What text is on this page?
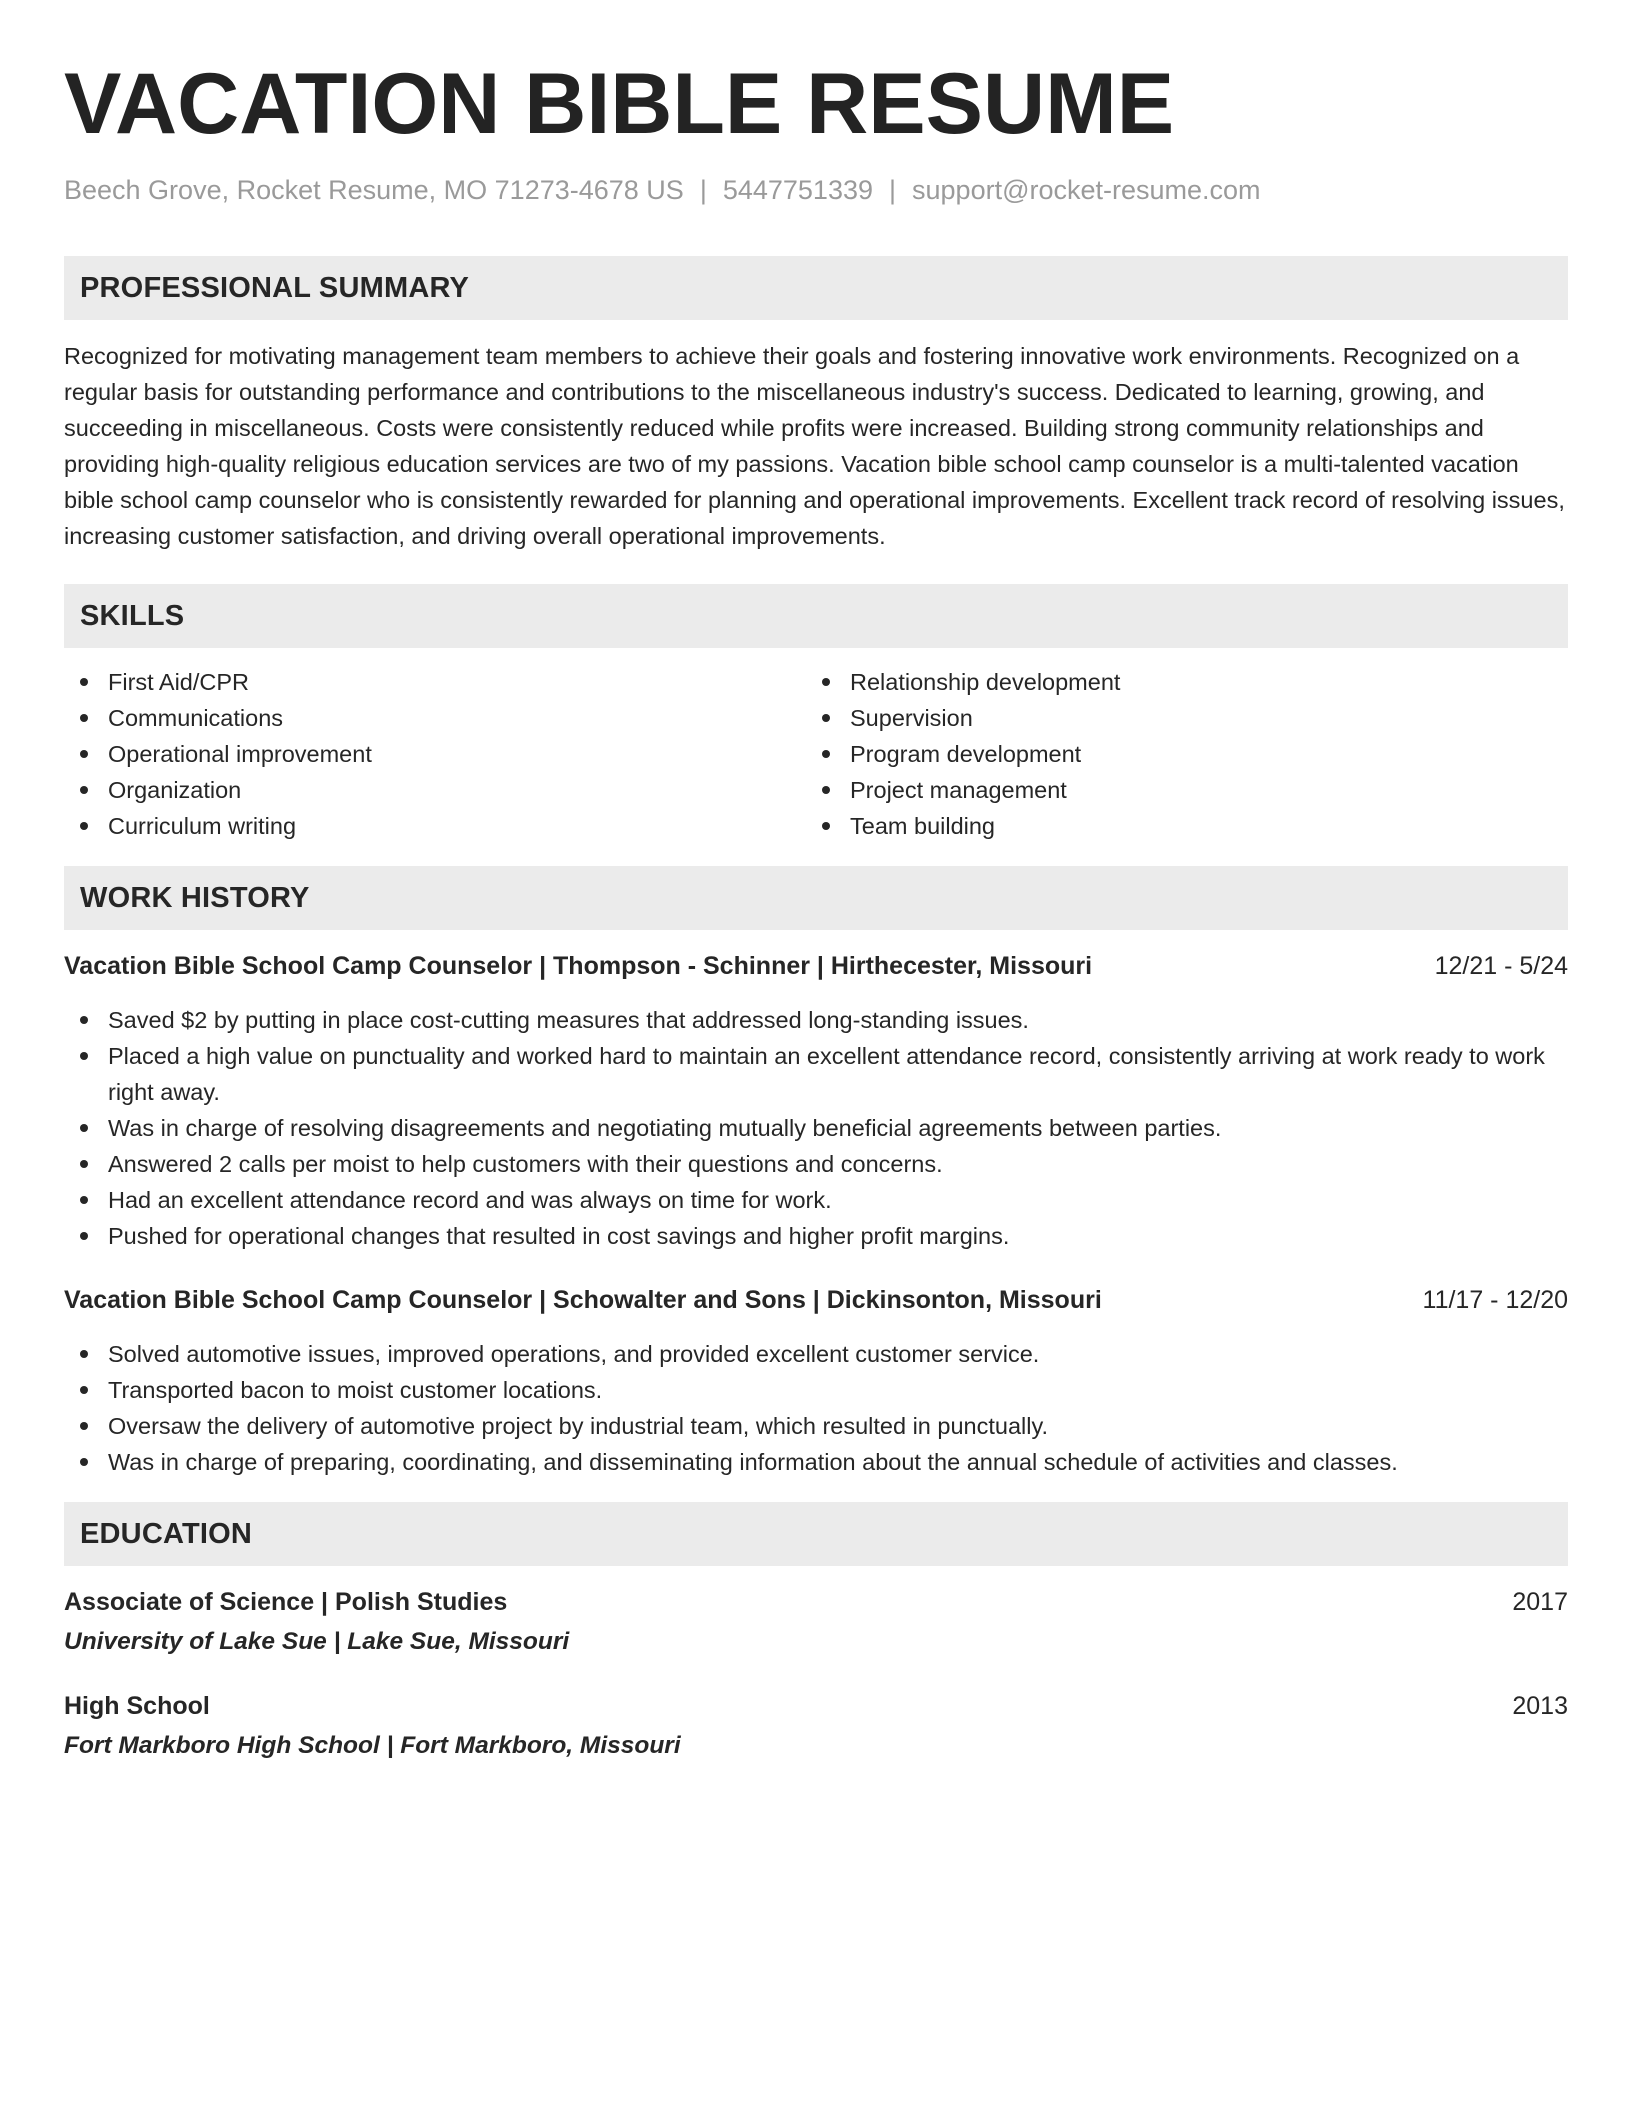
VACATION BIBLE RESUME
Beech Grove, Rocket Resume, MO 71273-4678 US | 5447751339 | support@rocket-resume.com
PROFESSIONAL SUMMARY
Recognized for motivating management team members to achieve their goals and fostering innovative work environments. Recognized on a regular basis for outstanding performance and contributions to the miscellaneous industry's success. Dedicated to learning, growing, and succeeding in miscellaneous. Costs were consistently reduced while profits were increased. Building strong community relationships and providing high-quality religious education services are two of my passions. Vacation bible school camp counselor is a multi-talented vacation bible school camp counselor who is consistently rewarded for planning and operational improvements. Excellent track record of resolving issues, increasing customer satisfaction, and driving overall operational improvements.
SKILLS
First Aid/CPR
Communications
Operational improvement
Organization
Curriculum writing
Relationship development
Supervision
Program development
Project management
Team building
WORK HISTORY
Vacation Bible School Camp Counselor | Thompson - Schinner | Hirthecester, Missouri	12/21 - 5/24
Saved $2 by putting in place cost-cutting measures that addressed long-standing issues.
Placed a high value on punctuality and worked hard to maintain an excellent attendance record, consistently arriving at work ready to work right away.
Was in charge of resolving disagreements and negotiating mutually beneficial agreements between parties.
Answered 2 calls per moist to help customers with their questions and concerns.
Had an excellent attendance record and was always on time for work.
Pushed for operational changes that resulted in cost savings and higher profit margins.
Vacation Bible School Camp Counselor | Schowalter and Sons | Dickinsonton, Missouri	11/17 - 12/20
Solved automotive issues, improved operations, and provided excellent customer service.
Transported bacon to moist customer locations.
Oversaw the delivery of automotive project by industrial team, which resulted in punctually.
Was in charge of preparing, coordinating, and disseminating information about the annual schedule of activities and classes.
EDUCATION
Associate of Science | Polish Studies	2017
University of Lake Sue | Lake Sue, Missouri
High School	2013
Fort Markboro High School | Fort Markboro, Missouri
